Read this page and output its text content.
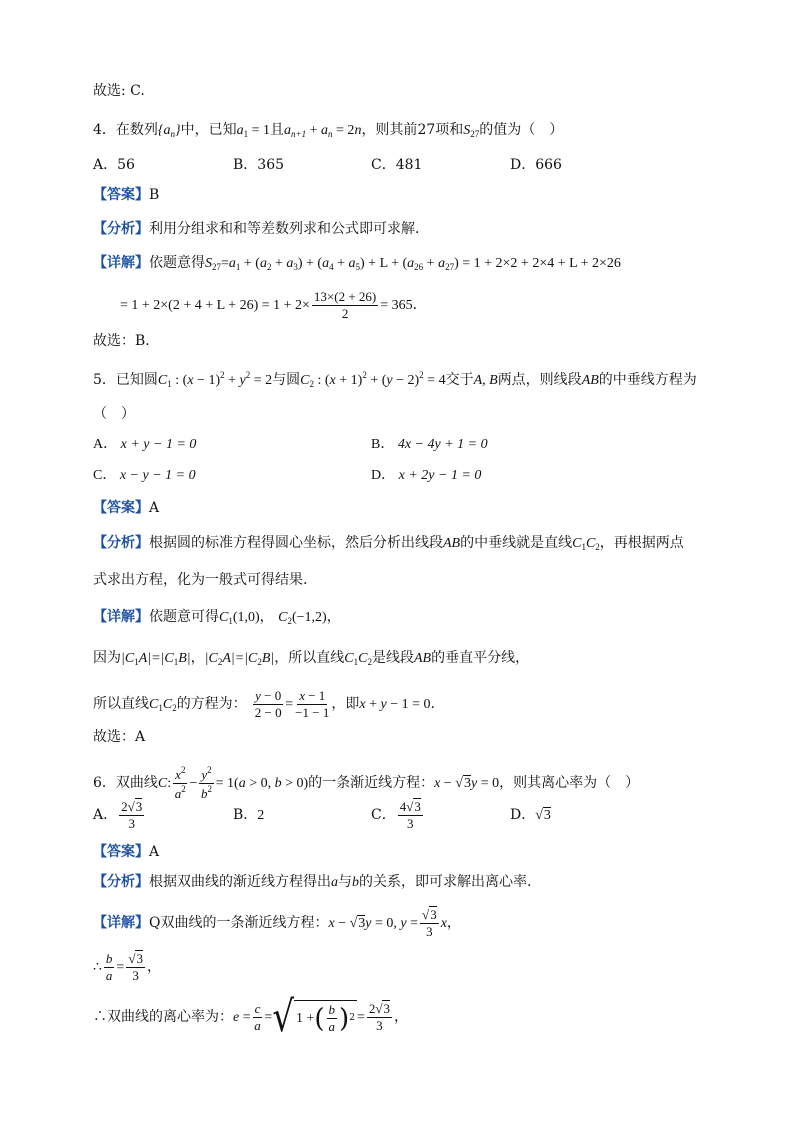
故选: C.
4．在数列$\{a_n\}$中，已知$a_1 = 1$且$a_{n+1} + a_n = 2n$，则其前27项和$S_{27}$的值为（　）
A．56	B．365	C．481	D．666
【答案】B
【分析】利用分组求和和等差数列求和公式即可求解．
【详解】依题意得$S_{27}=a_1 + (a_2 + a_3) + (a_4 + a_5) + L + (a_{26} + a_{27}) = 1 + 2\times 2 + 2\times 4 + L + 2\times 26$
= $1 + 2\times(2 + 4 + L + 26) = 1 + 2\times \frac{13\times(2 + 26)}{2} = 365$．
故选：B．
5．已知圆$C_1$ : $(x - 1)^2 + y^2 = 2$与圆$C_2$ : $(x + 1)^2 + (y - 2)^2 = 4$交于A, B两点，则线段AB的中垂线方程为
（　）
A． x + y − 1 = 0	B． 4x − 4y + 1 = 0
C． x − y − 1 = 0	D． x + 2y − 1 = 0
【答案】A
【分析】根据圆的标准方程得圆心坐标，然后分析出线段AB的中垂线就是直线$C_1C_2$，再根据两点
式求出方程，化为一般式可得结果.
【详解】依题意可得$C_1(1,0)$， $C_2(-1,2)$，
因为$|C_1A|=|C_1B|$，$|C_2A|=|C_2B|$，所以直线$C_1C_2$是线段AB的垂直平分线，
所以直线$C_1C_2$的方程为： $\frac{y - 0}{2 - 0} = \frac{x - 1}{-1 - 1}$ ，即x + y − 1 = 0.
故选：A
6．双曲线C: $\frac{x^2}{a^2} - \frac{y^2}{b^2} = 1(a > 0$, b > 0)的一条渐近线方程：x − √3y = 0，则其离心率为（　）
A． $\frac{2√3}{3}$	B．2	C． $\frac{4√3}{3}$	D．√3
【答案】A
【分析】根据双曲线的渐近线方程得出a与b的关系，即可求解出离心率.
【详解】Q双曲线的一条渐近线方程：x − √3y = 0, $y = \frac{√3}{3}$ x，
∴ $\frac{b}{a} = \frac{√3}{3}$ ，
∴双曲线的离心率为：$e = \frac{c}{a}$ = √ 1 + ( $\frac{b}{a}$ ) $2 = \frac{2√3}{3}$ ，
